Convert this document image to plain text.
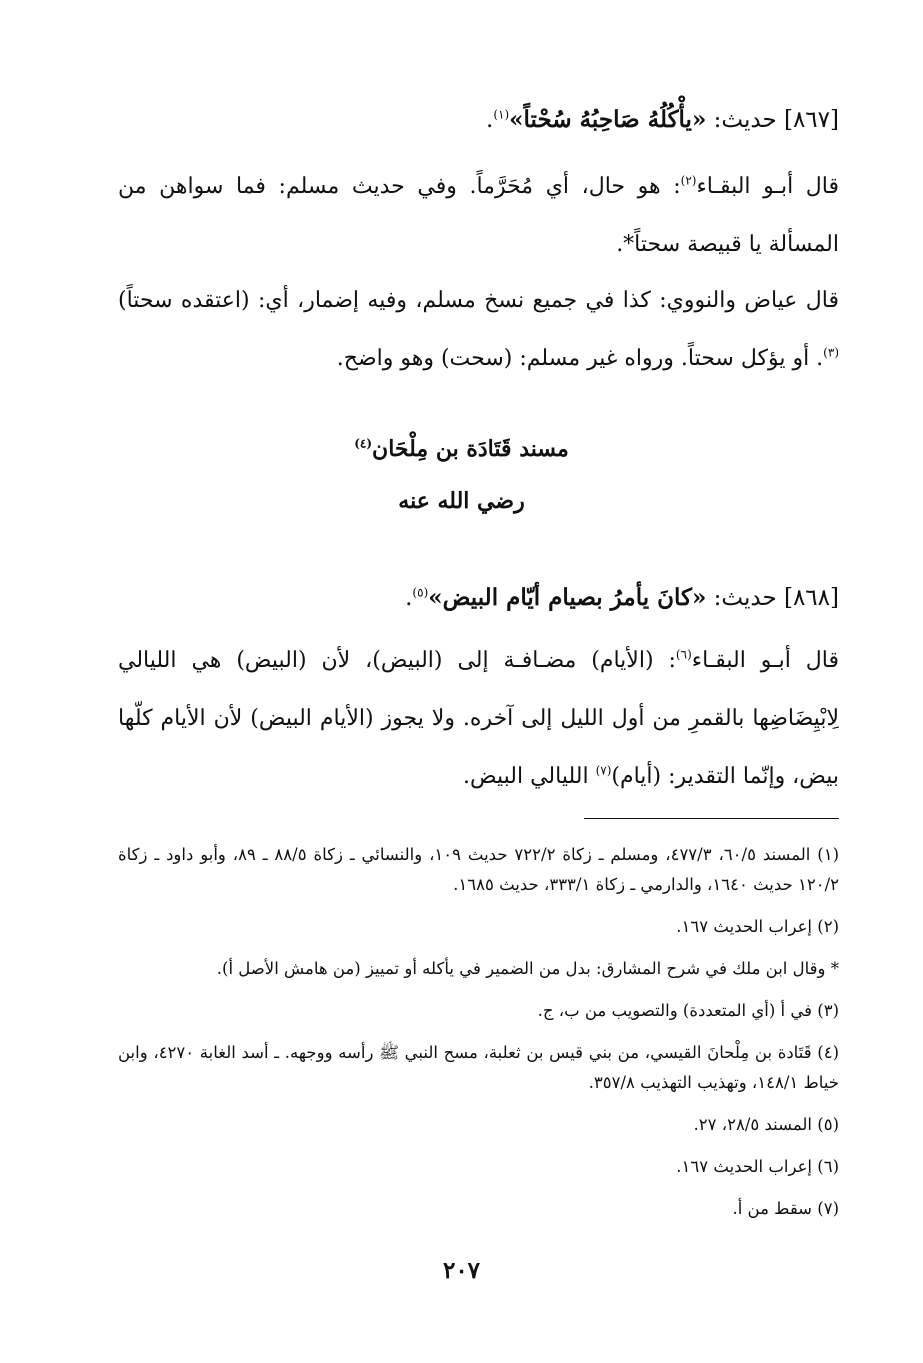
[٨٦٧] حديث: «يأْكُلُهُ صَاحِبُهُ سُحْتاً»$^{(١)}$.
قال أبـو البقـاء$^{(٢)}$: هو حال، أي مُحَرَّماً. وفي حديث مسلم: فما سواهن من المسألة يا قبيصة سحتاً*.
قال عياض والنووي: كذا في جميع نسخ مسلم، وفيه إضمار، أي: (اعتقده سحتاً)$^{(٣)}$. أو يؤكل سحتاً. ورواه غير مسلم: (سحت) وهو واضح.
مسند قَتَادَة بن مِلْحَان$^{(٤)}$
رضي الله عنه
[٨٦٨] حديث: «كانَ يأمرُ بصيام أيّام البيض»$^{(٥)}$.
قال أبـو البقـاء$^{(٦)}$: (الأيام) مضـافـة إلى (البيض)، لأن (البيض) هي الليالي لِابْيِضَاضِها بالقمرِ من أول الليل إلى آخره. ولا يجوز (الأيام البيض) لأن الأيام كلّها بيض، وإنّما التقدير: (أيام)$^{(٧)}$ الليالي البيض.

(١) المسند ٦٠/٥، ٤٧٧/٣، ومسلم ـ زكاة ٧٢٢/٢ حديث ١٠٩، والنسائي ـ زكاة ٨٨/٥ ـ ٨٩، وأبو داود ـ زكاة ١٢٠/٢ حديث ١٦٤٠، والدارمي ـ زكاة ٣٣٣/١، حديث ١٦٨٥.

(٢) إعراب الحديث ١٦٧.

* وقال ابن ملك في شرح المشارق: بدل من الضمير في يأكله أو تمييز (من هامش الأصل أ).

(٣) في أ (أي المتعددة) والتصويب من ب، ج.

(٤) قَتَادة بن مِلْحانَ القيسي، من بني قيس بن ثعلبة، مسح النبي ﷺ رأسه ووجهه. ـ أسد الغابة ٤٢٧٠، وابن خياط ١٤٨/١، وتهذيب التهذيب ٣٥٧/٨.

(٥) المسند ٢٨/٥، ٢٧.

(٦) إعراب الحديث ١٦٧.

(٧) سقط من أ.

٢٠٧
